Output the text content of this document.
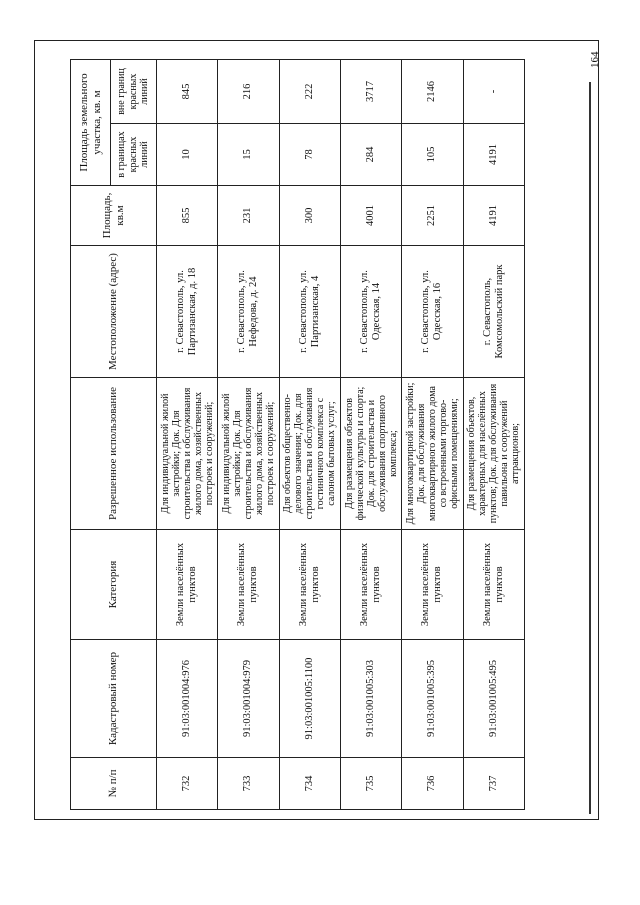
164
№ п/п	Кадастровый номер	Категория	Разрешенное использование	Местоположение (адрес)	Площадь, кв.м	Площадь земельного участка, кв. м	
						в границах красных линий	вне границ красных линий
732	91:03:001004:976	Земли населённых пунктов	Для индивидуальной жилой застройки; Док. Для строительства и обслуживания жилого дома, хозяйственных построек и сооружений;	г. Севастополь, ул. Партизанская, д. 18	855	10	845
733	91:03:001004:979	Земли населённых пунктов	Для индивидуальной жилой застройки; Док. Для строительства и обслуживания жилого дома, хозяйственных построек и сооружений;	г. Севастополь, ул. Нефедова, д. 24	231	15	216
734	91:03:001005:1100	Земли населённых пунктов	Для объектов общественно-делового значения; Док. для строительства и обслуживания гостиничного комплекса с салоном бытовых услуг;	г. Севастополь, ул. Партизанская, 4	300	78	222
735	91:03:001005:303	Земли населённых пунктов	Для размещения объектов физической культуры и спорта; Док. для строительства и обслуживания спортивного комплекса;	г. Севастополь, ул. Одесская, 14	4001	284	3717
736	91:03:001005:395	Земли населённых пунктов	Для многоквартирной застройки; Док. для обслуживания многоквартирного жилого дома со встроенными торгово-офисными помещениями;	г. Севастополь, ул. Одесская, 16	2251	105	2146
737	91:03:001005:495	Земли населённых пунктов	Для размещения объектов, характерных для населённых пунктов; Док. для обслуживания павильона и сооружений аттракционов;	г. Севастополь, Комсомольский парк	4191	4191	-
